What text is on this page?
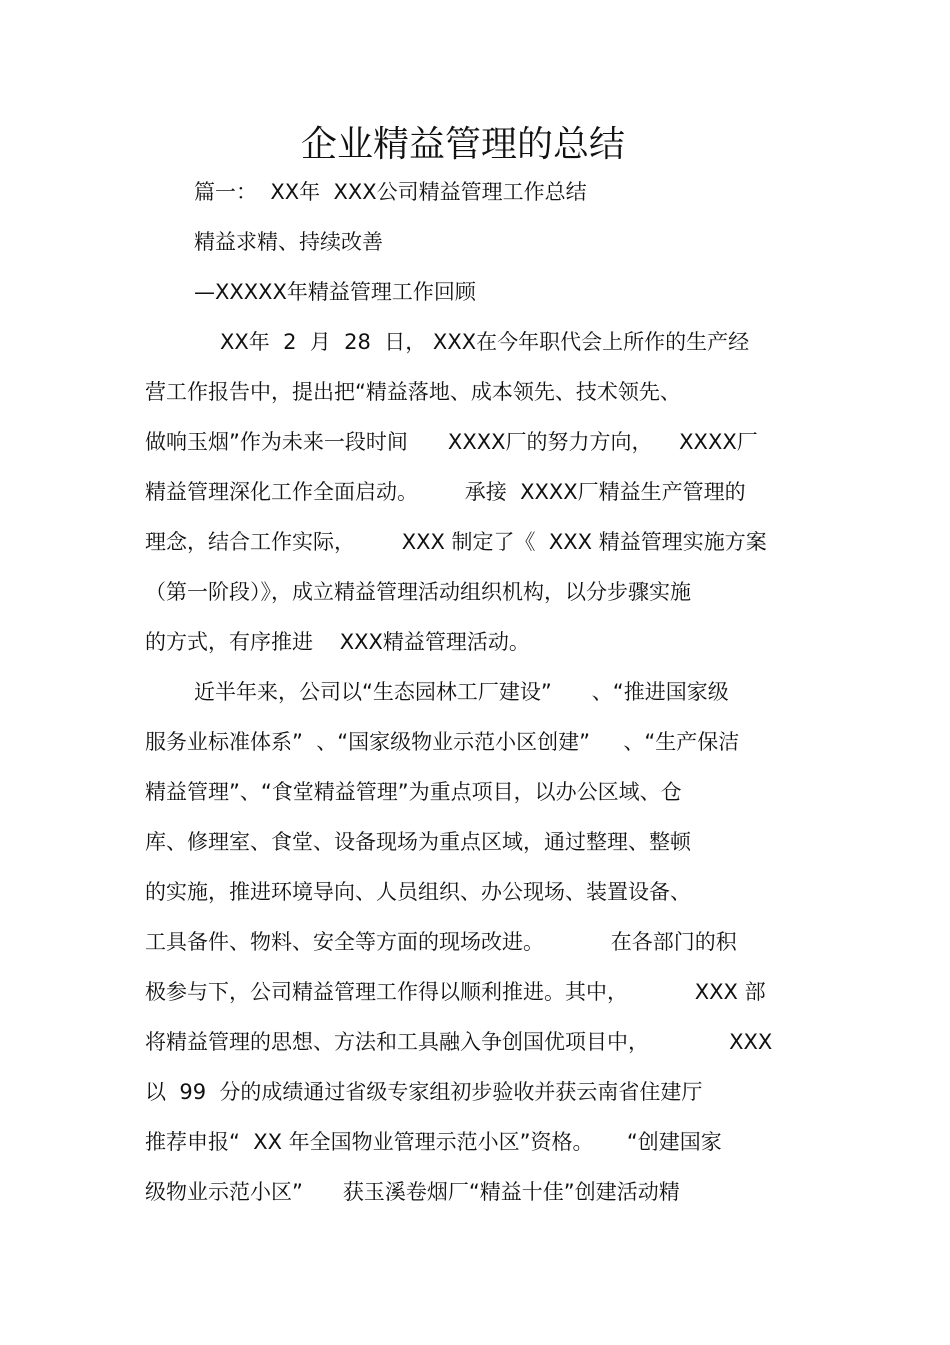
企业精益管理的总结
篇一：  XX年  XXX公司精益管理工作总结
精益求精、持续改善
—XXXXX年精益管理工作回顾
XX年  2  月  28  日， XXX在今年职代会上所作的生产经
营工作报告中，提出把“精益落地、成本领先、技术领先、
做响玉烟”作为未来一段时间      XXXX厂的努力方向，    XXXX厂
精益管理深化工作全面启动。       承接  XXXX厂精益生产管理的
理念，结合工作实际，       XXX 制定了《  XXX 精益管理实施方案
（第一阶段）》，成立精益管理活动组织机构，以分步骤实施
的方式，有序推进    XXX精益管理活动。
近半年来，公司以“生态园林工厂建设”      、“推进国家级
服务业标准体系”  、“国家级物业示范小区创建”     、“生产保洁
精益管理”、“食堂精益管理”为重点项目，以办公区域、仓
库、修理室、食堂、设备现场为重点区域，通过整理、整顿
的实施，推进环境导向、人员组织、办公现场、装置设备、
工具备件、物料、安全等方面的现场改进。          在各部门的积
极参与下，公司精益管理工作得以顺利推进。其中，          XXX 部
将精益管理的思想、方法和工具融入争创国优项目中，            XXX
以  99  分的成绩通过省级专家组初步验收并获云南省住建厅
推荐申报“  XX 年全国物业管理示范小区”资格。     “创建国家
级物业示范小区”      获玉溪卷烟厂“精益十佳”创建活动精
